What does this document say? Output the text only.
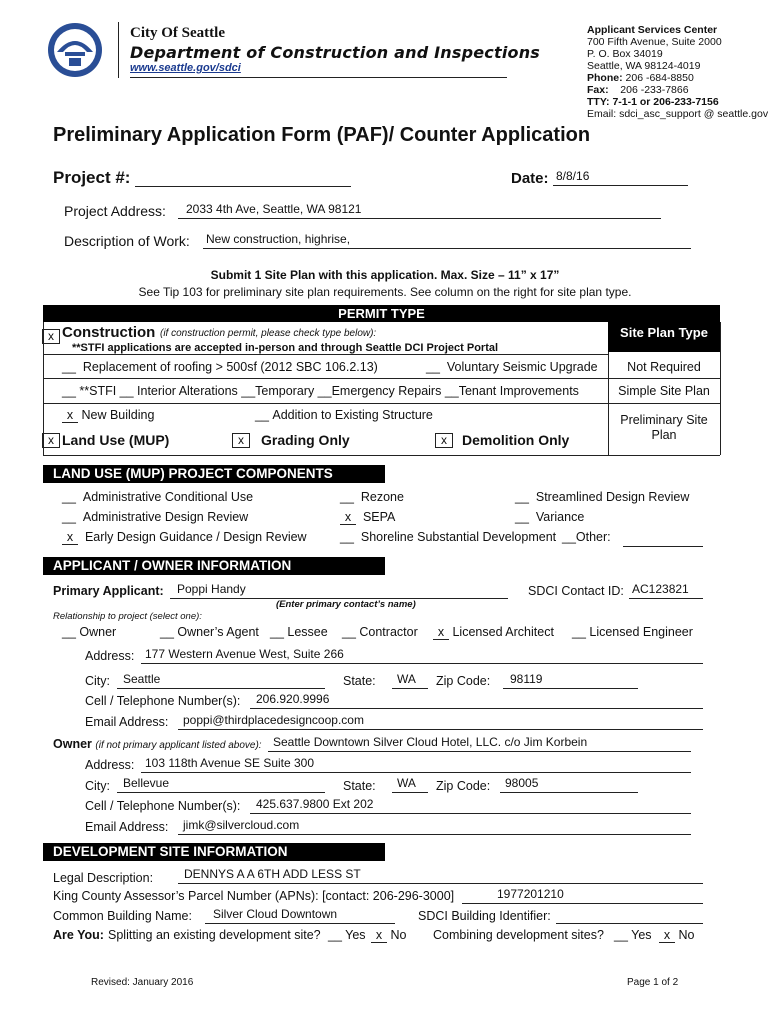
City Of Seattle
Department of Construction and Inspections
www.seattle.gov/sdci
Applicant Services Center
700 Fifth Avenue, Suite 2000
P. O. Box 34019
Seattle, WA 98124-4019
Phone: 206 -684-8850
Fax: 206 -233-7866
TTY: 7-1-1 or 206-233-7156
Email: sdci_asc_support @ seattle.gov
Preliminary Application Form (PAF)/ Counter Application
Project #:	Date: 8/8/16
Project Address:	2033 4th Ave, Seattle, WA 98121
Description of Work: New construction, highrise,
Submit 1 Site Plan with this application. Max. Size – 11” x 17”
See Tip 103 for preliminary site plan requirements. See column on the right for site plan type.
PERMIT TYPE
Site Plan Type
x Construction (if construction permit, please check type below):
**STFI applications are accepted in-person and through Seattle DCI Project Portal
__ Replacement of roofing > 500sf (2012 SBC 106.2.13)	__ Voluntary Seismic Upgrade	Not Required
__ **STFI __ Interior Alterations __Temporary __Emergency Repairs __Tenant Improvements	Simple Site Plan
x New Building	__ Addition to Existing Structure	Preliminary Site Plan
x Land Use (MUP)	x	Grading Only	x	Demolition Only
LAND USE (MUP) PROJECT COMPONENTS
__ Administrative Conditional Use	__ Rezone	__ Streamlined Design Review
__ Administrative Design Review	x SEPA	__ Variance
x Early Design Guidance / Design Review	__ Shoreline Substantial Development __Other:
APPLICANT / OWNER INFORMATION
Primary Applicant:	Poppi Handy
(Enter primary contact’s name)
SDCI Contact ID: AC123821
Relationship to project (select one):
__ Owner	__ Owner’s Agent __ Lessee __ Contractor	x Licensed Architect __ Licensed Engineer
Address: 177 Western Avenue West, Suite 266
City:	Seattle	State:	WA	Zip Code:	98119
Cell / Telephone Number(s):	206.920.9996
Email Address:	poppi@thirdplacedesigncoop.com
Owner (if not primary applicant listed above): Seattle Downtown Silver Cloud Hotel, LLC. c/o Jim Korbein
Address: 103 118th Avenue SE Suite 300
City:	Bellevue	State:	WA	Zip Code:	98005
Cell / Telephone Number(s):	425.637.9800 Ext 202
Email Address:	jimk@silvercloud.com
DEVELOPMENT SITE INFORMATION
Legal Description:	DENNYS A A 6TH ADD LESS ST
King County Assessor’s Parcel Number (APNs): [contact: 206-296-3000]	1977201210
Common Building Name:	Silver Cloud Downtown	SDCI Building Identifier:
Are You: Splitting an existing development site? __ Yes x No Combining development sites? __ Yes x No
Revised: January 2016	Page 1 of 2
